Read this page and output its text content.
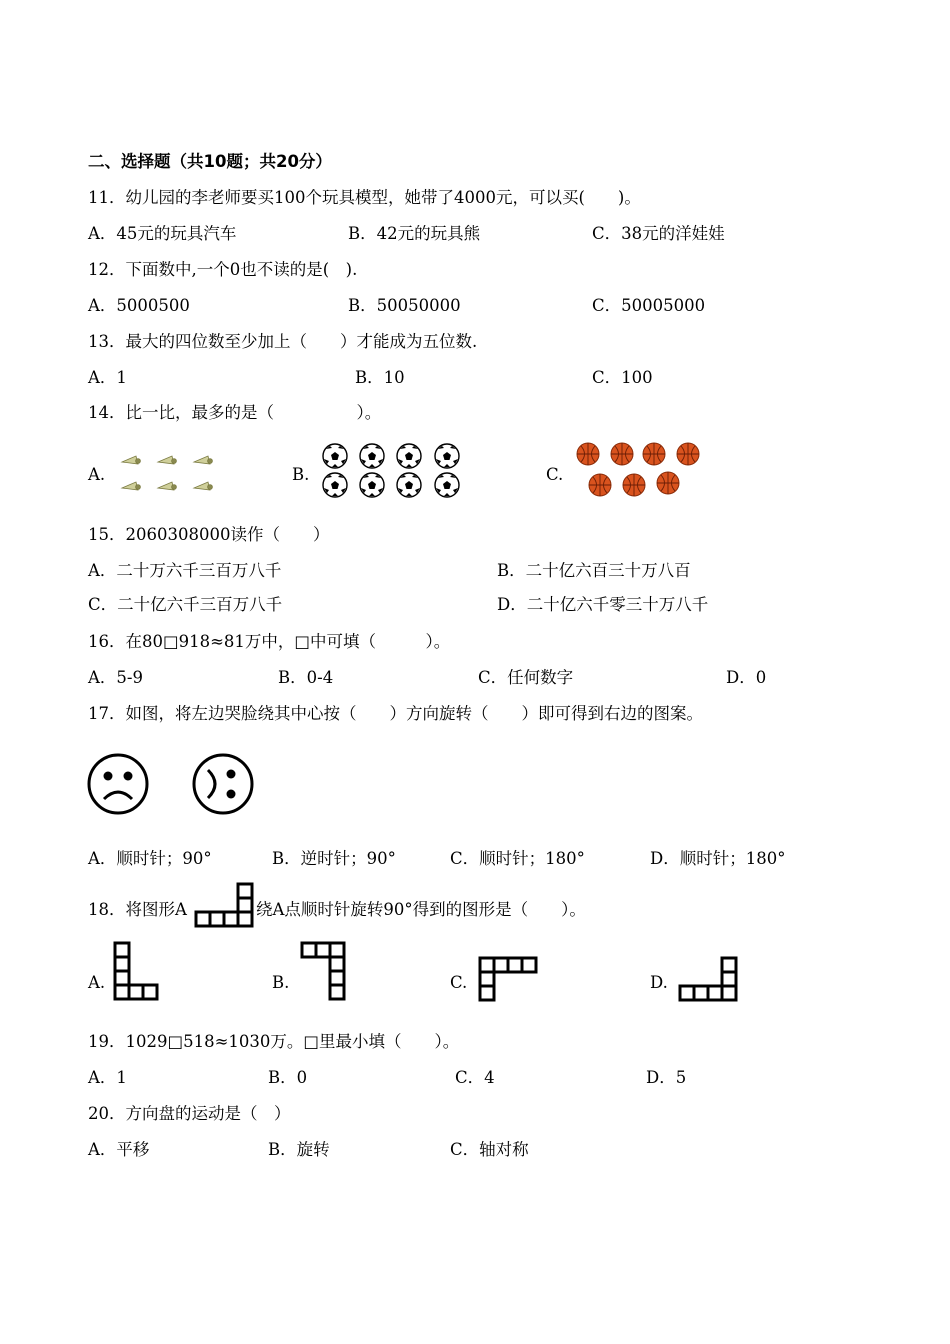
二、选择题（共10题；共20分）
11．幼儿园的李老师要买100个玩具模型，她带了4000元，可以买(　　)。
A．45元的玩具汽车	B．42元的玩具熊	C．38元的洋娃娃
12．下面数中,一个0也不读的是(　).
A．5000500	B．50050000	C．50005000
13．最大的四位数至少加上（　　）才能成为五位数.
A．1	B．10	C．100
14．比一比，最多的是（　　　　　）。
A.	B.	C.
15．2060308000读作（　　）
A．二十万六千三百万八千	B．二十亿六百三十万八百
C．二十亿六千三百万八千	D．二十亿六千零三十万八千
16．在80□918≈81万中，□中可填（　　　）。
A．5-9	B．0-4	C．任何数字	D．0
17．如图，将左边哭脸绕其中心按（　　）方向旋转（　　）即可得到右边的图案。
A．顺时针；90°	B．逆时针；90°	C．顺时针；180°	D．顺时针；180°
18．将图形A	绕A点顺时针旋转90°得到的图形是（　　）。
A.	B.	C.	D.
19．1029□518≈1030万。□里最小填（　　）。
A．1	B．0	C．4	D．5
20．方向盘的运动是（　）
A．平移	B．旋转	C．轴对称
